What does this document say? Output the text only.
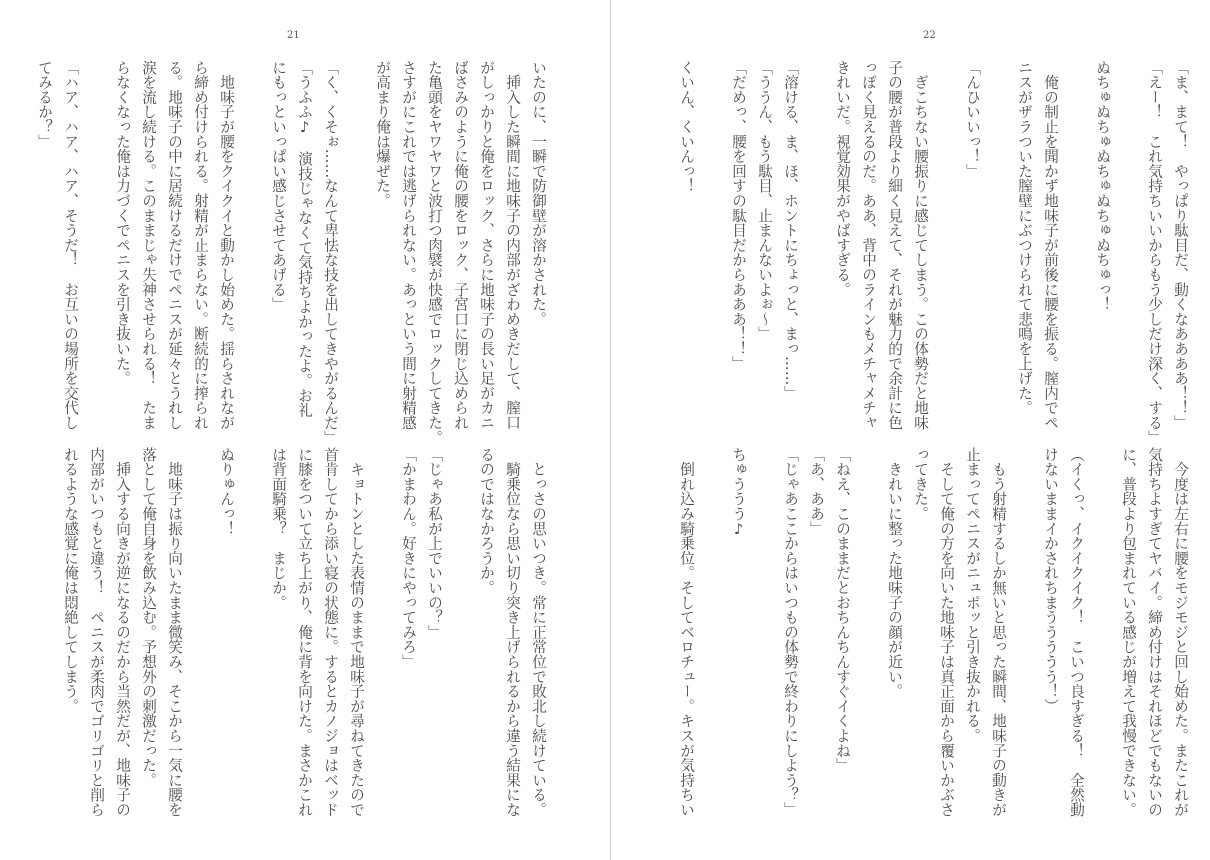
21
いたのに、一瞬で防御壁が溶かされた。
　挿入した瞬間に地味子の内部がざわめきだして、膣口
がしっかりと俺をロック、さらに地味子の長い足がカニ
ばさみのように俺の腰をロック、子宮口に閉じ込められ
た亀頭をヤワヤワと波打つ肉襞が快感でロックしてきた。
さすがにこれでは逃げられない。あっという間に射精感
が高まり俺は爆ぜた。
「く、くそぉ……なんて卑怯な技を出してきやがるんだ」
「うふふ♪　演技じゃなくて気持ちよかったよ。お礼
にもっといっぱい感じさせてあげる」
　地味子が腰をクイクイと動かし始めた。揺らされなが
ら締め付けられる。射精が止まらない。断続的に搾られ
る。地味子の中に居続けるだけでペニスが延々とうれし
涙を流し続ける。このままじゃ失神させられる！　たま
らなくなった俺は力づくでペニスを引き抜いた。
「ハア、ハア、ハア、そうだ！　お互いの場所を交代し
てみるか？」
　とっさの思いつき。常に正常位で敗北し続けている。
　騎乗位なら思い切り突き上げられるから違う結果にな
るのではなかろうか。
「じゃあ私が上でいいの？」
「かまわん。好きにやってみろ」
　キョトンとした表情のままで地味子が尋ねてきたので
首肯してから添い寝の状態に。するとカノジョはベッド
に膝をついて立ち上がり、俺に背を向けた。まさかこれ
は背面騎乗？　まじか。
ぬりゅんっ！
　地味子は振り向いたまま微笑み、そこから一気に腰を
落として俺自身を飲み込む。予想外の刺激だった。
　挿入する向きが逆になるのだから当然だが、地味子の
内部がいつもと違う！　ペニスが柔肉でゴリゴリと削ら
れるような感覚に俺は悶絶してしまう。
22
「ま、まて！　やっぱり駄目だ、動くなああああ！！」
「えー！　これ気持ちいいからもう少しだけ深く、する」
ぬちゅぬちゅぬちゅぬちゅぬちゅっ！
　俺の制止を聞かず地味子が前後に腰を振る。膣内でペ
ニスがザラついた膣壁にぶつけられて悲鳴を上げた。
「んひいいっ！」
　ぎこちない腰振りに感じてしまう。この体勢だと地味
子の腰が普段より細く見えて、それが魅力的で余計に色
っぽく見えるのだ。ああ、背中のラインもメチャメチャ
きれいだ。視覚効果がやばすぎる。
「溶ける、ま、ほ、ホントにちょっと、まっ……」
「ううん、もう駄目、止まんないよぉ～」
「だめっ、腰を回すの駄目だからあああ！！」
くいん、くいんっ！
　今度は左右に腰をモジモジと回し始めた。またこれが
気持ちよすぎてヤバイ。締め付けはそれほどでもないの
に、普段より包まれている感じが増えて我慢できない。
（イくっ、イクイクイク！　こいつ良すぎる！　全然動
けないままイかされちまううううう！）
　もう射精するしか無いと思った瞬間、地味子の動きが
止まってペニスがニュポッと引き抜かれる。
　そして俺の方を向いた地味子は真正面から覆いかぶさ
ってきた。
　きれいに整った地味子の顔が近い。
「ねえ、このままだとおちんちんすぐイくよね」
「あ、ああ」
「じゃあここからはいつもの体勢で終わりにしよう？」
ちゅううう♪
　倒れ込み騎乗位。そしてベロチュー。キスが気持ちい
